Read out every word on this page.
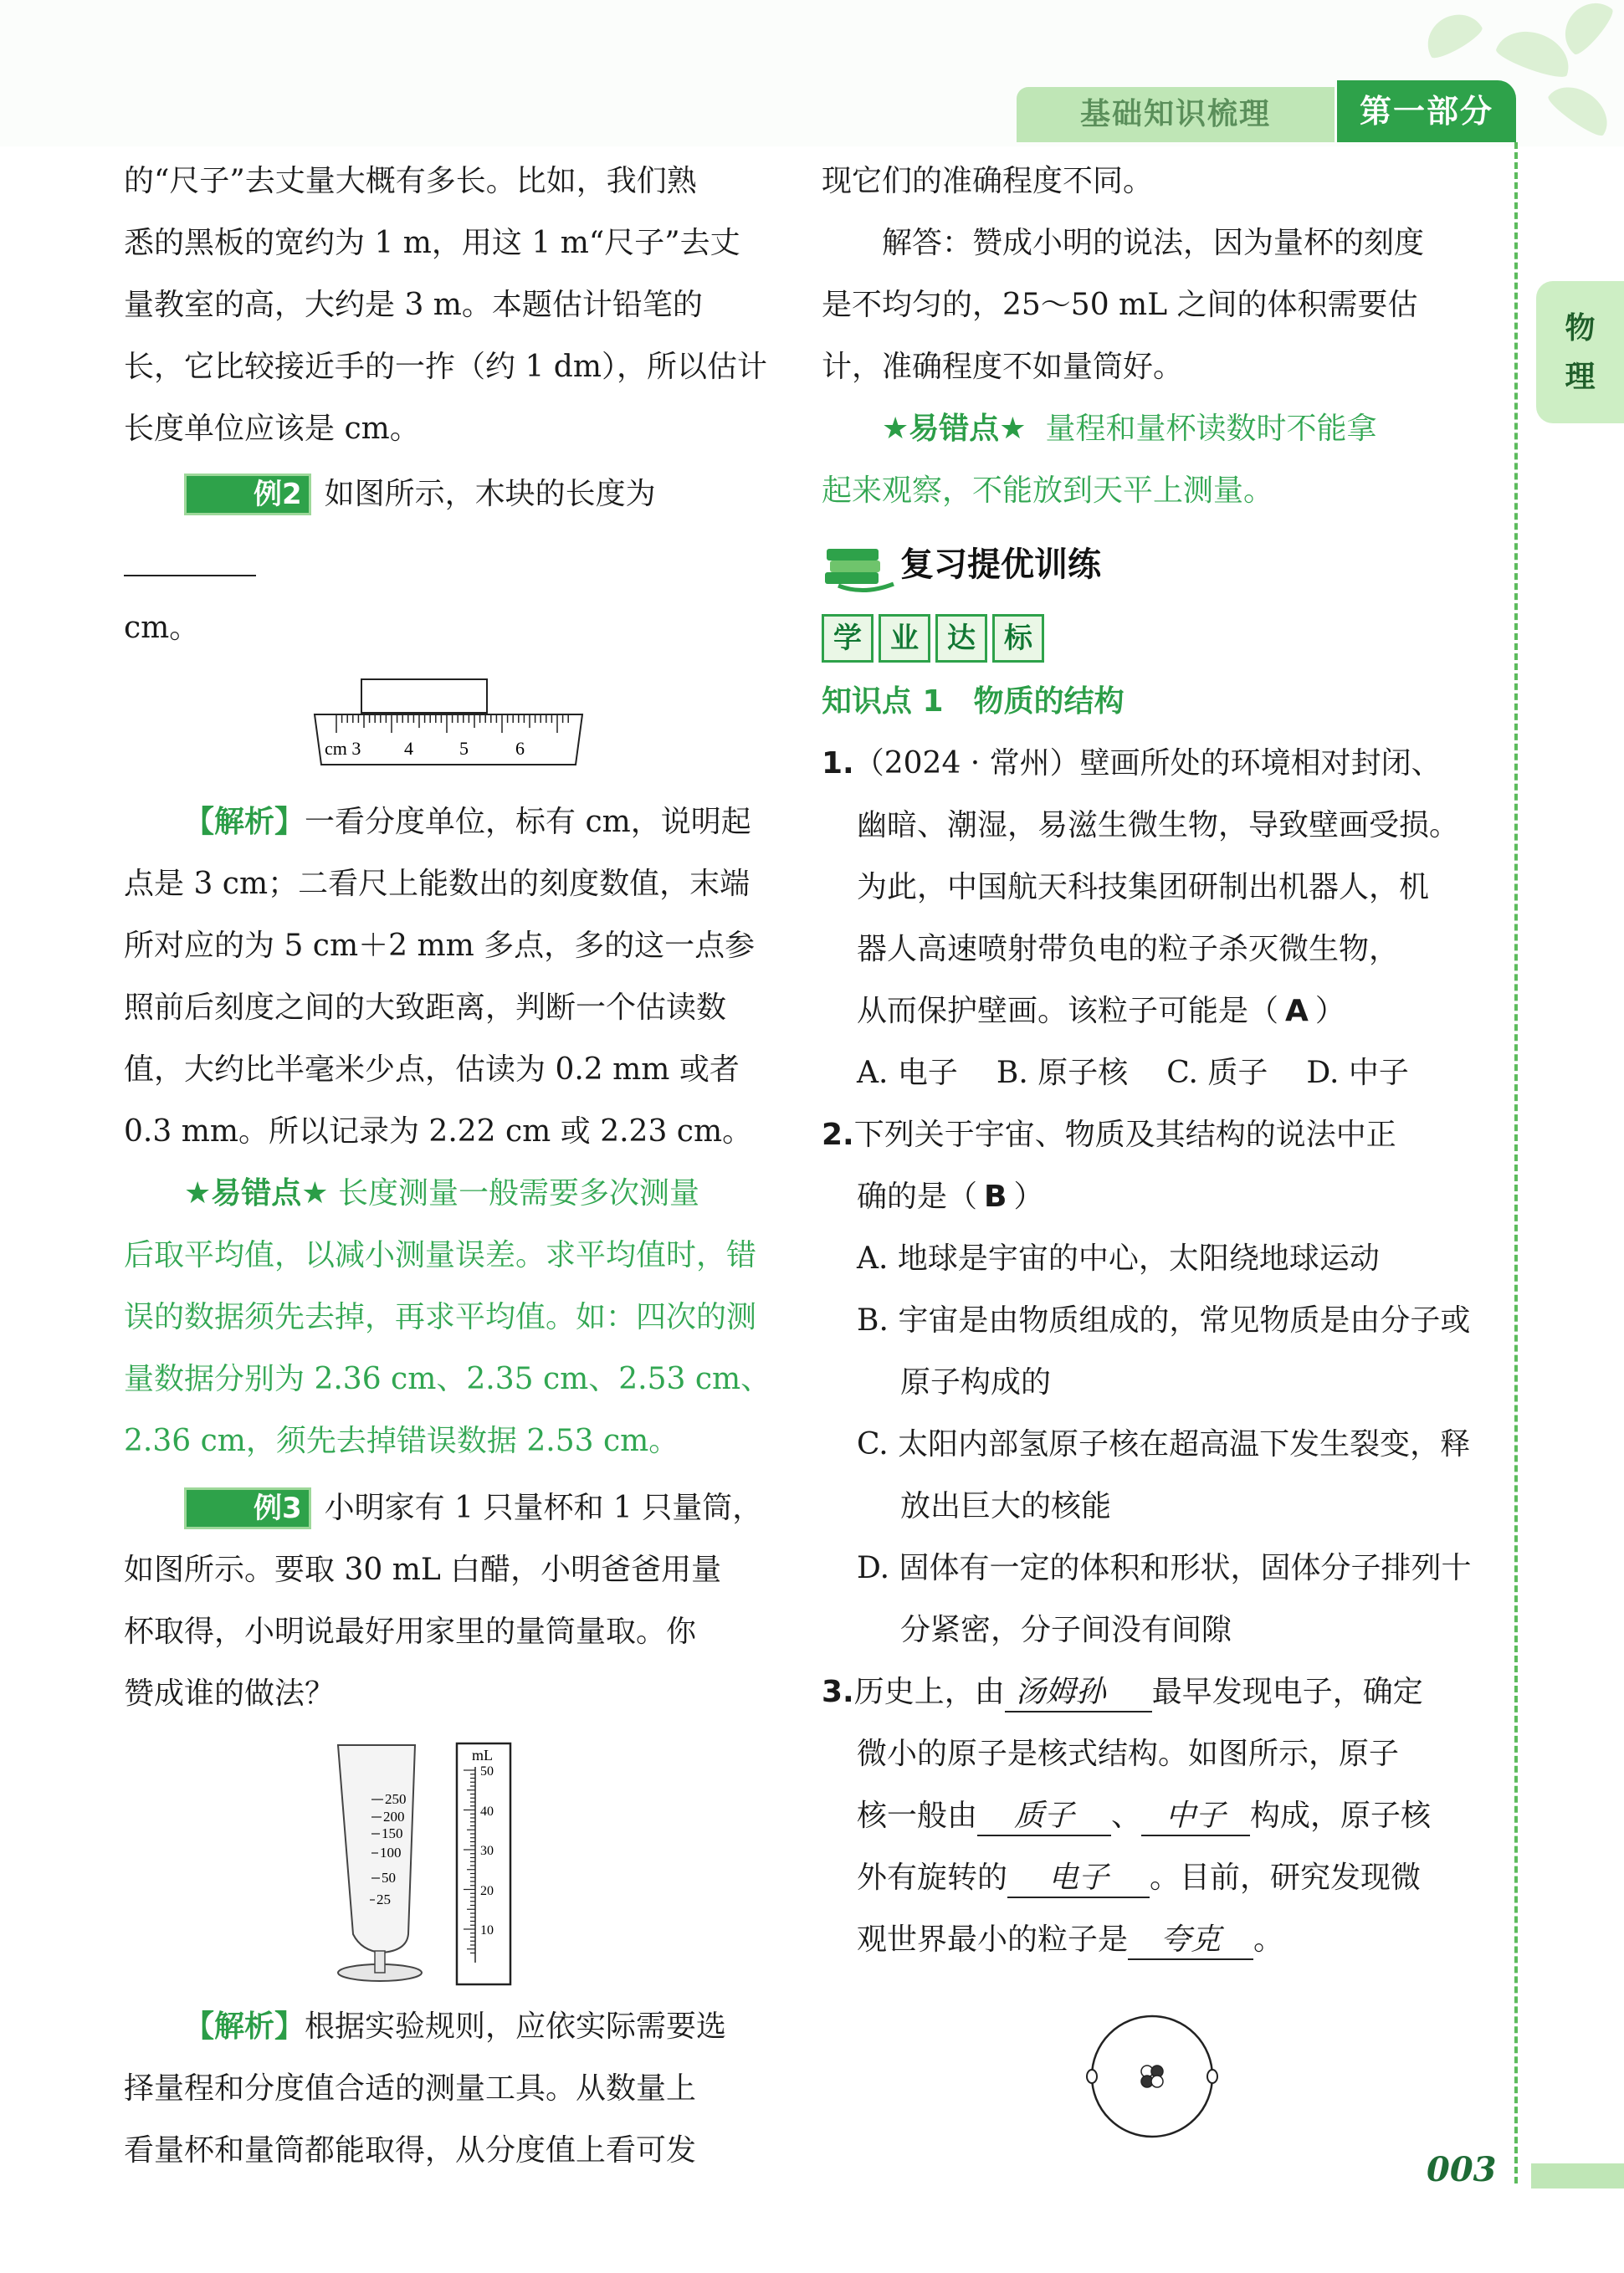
基础知识梳理	第一部分
物
理

的“尺子”去丈量大概有多长。比如，我们熟

悉的黑板的宽约为 1 m，用这 1 m“尺子”去丈

量教室的高，大约是 3 m。本题估计铅笔的

长，它比较接近手的一拃（约 1 dm），所以估计

长度单位应该是 cm。

例2 如图所示，木块的长度为

cm。

cm 3 4	5	6

【解析】一看分度单位，标有 cm，说明起

点是 3 cm；二看尺上能数出的刻度数值，末端

所对应的为 5 cm＋2 mm 多点，多的这一点参

照前后刻度之间的大致距离，判断一个估读数

值，大约比半毫米少点，估读为 0.2 mm 或者

0.3 mm。所以记录为 2.22 cm 或 2.23 cm。

★易错点★ 长度测量一般需要多次测量

后取平均值，以减小测量误差。求平均值时，错

误的数据须先去掉，再求平均值。如：四次的测

量数据分别为 2.36 cm、2.35 cm、2.53 cm、

2.36 cm，须先去掉错误数据 2.53 cm。

例3 小明家有 1 只量杯和 1 只量筒，

如图所示。要取 30 mL 白醋，小明爸爸用量

杯取得，小明说最好用家里的量筒量取。你

赞成谁的做法？

250
200
150
100
50
25
mL
50
40
30
20
10

【解析】根据实验规则，应依实际需要选

择量程和分度值合适的测量工具。从数量上

看量杯和量筒都能取得，从分度值上看可发

现它们的准确程度不同。

解答：赞成小明的说法，因为量杯的刻度

是不均匀的，25～50 mL 之间的体积需要估

计，准确程度不如量筒好。

★易错点★ 量程和量杯读数时不能拿

起来观察，不能放到天平上测量。

复习提优训练
学	业	达	标

知识点 1　物质的结构

1.（2024 · 常州）壁画所处的环境相对封闭、

幽暗、潮湿，易滋生微生物，导致壁画受损。

为此，中国航天科技集团研制出机器人，机

器人高速喷射带负电的粒子杀灭微生物，

从而保护壁画。该粒子可能是（ A ）

A. 电子 B. 原子核 C. 质子 D. 中子

2.下列关于宇宙、物质及其结构的说法中正

确的是（ B ）

A. 地球是宇宙的中心，太阳绕地球运动

B. 宇宙是由物质组成的，常见物质是由分子或原子构成的

C. 太阳内部氢原子核在超高温下发生裂变，释放出巨大的核能

D. 固体有一定的体积和形状，固体分子排列十分紧密，分子间没有间隙

3.历史上，由 汤姆孙 最早发现电子，确定

微小的原子是核式结构。如图所示，原子

核一般由 质子 、 中子 构成，原子核

外有旋转的 电子 。目前，研究发现微

观世界最小的粒子是 夸克 。

003
